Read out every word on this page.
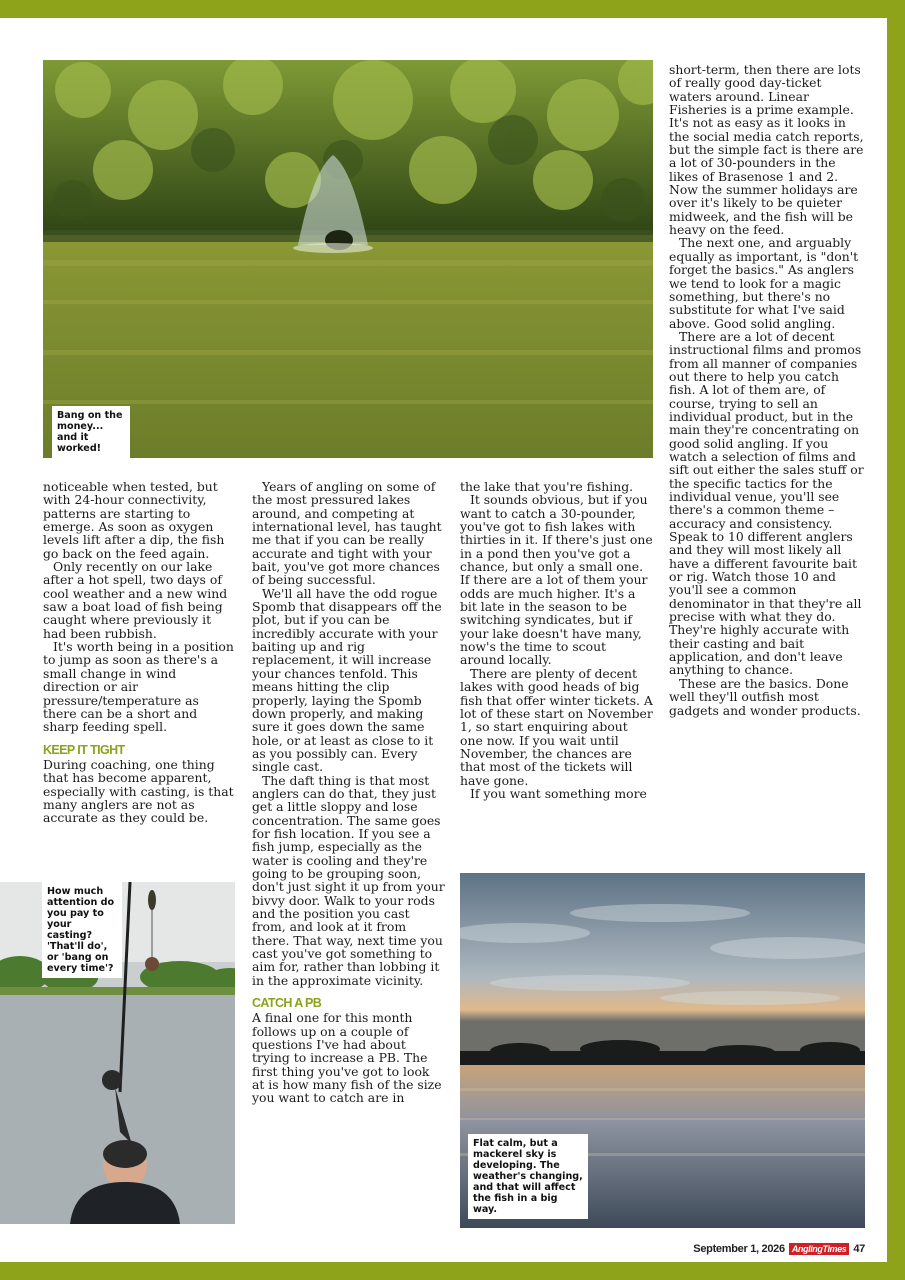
Bang on the money... and it worked!

noticeable when tested, but with 24-hour connectivity, patterns are starting to emerge. As soon as oxygen levels lift after a dip, the fish go back on the feed again.

Only recently on our lake after a hot spell, two days of cool weather and a new wind saw a boat load of fish being caught where previously it had been rubbish.

It's worth being in a position to jump as soon as there's a small change in wind direction or air pressure/temperature as there can be a short and sharp feeding spell.

KEEP IT TIGHT

During coaching, one thing that has become apparent, especially with casting, is that many anglers are not as accurate as they could be.

How much attention do you pay to your casting? 'That'll do', or 'bang on every time'?

Years of angling on some of the most pressured lakes around, and competing at international level, has taught me that if you can be really accurate and tight with your bait, you've got more chances of being successful.

We'll all have the odd rogue Spomb that disappears off the plot, but if you can be incredibly accurate with your baiting up and rig replacement, it will increase your chances tenfold. This means hitting the clip properly, laying the Spomb down properly, and making sure it goes down the same hole, or at least as close to it as you possibly can. Every single cast.

The daft thing is that most anglers can do that, they just get a little sloppy and lose concentration. The same goes for fish location. If you see a fish jump, especially as the water is cooling and they're going to be grouping soon, don't just sight it up from your bivvy door. Walk to your rods and the position you cast from, and look at it from there. That way, next time you cast you've got something to aim for, rather than lobbing it in the approximate vicinity.

CATCH A PB

A final one for this month follows up on a couple of questions I've had about trying to increase a PB. The first thing you've got to look at is how many fish of the size you want to catch are in

the lake that you're fishing.

It sounds obvious, but if you want to catch a 30-pounder, you've got to fish lakes with thirties in it. If there's just one in a pond then you've got a chance, but only a small one. If there are a lot of them your odds are much higher. It's a bit late in the season to be switching syndicates, but if your lake doesn't have many, now's the time to scout around locally.

There are plenty of decent lakes with good heads of big fish that offer winter tickets. A lot of these start on November 1, so start enquiring about one now. If you wait until November, the chances are that most of the tickets will have gone.

If you want something more

short-term, then there are lots of really good day-ticket waters around. Linear Fisheries is a prime example. It's not as easy as it looks in the social media catch reports, but the simple fact is there are a lot of 30-pounders in the likes of Brasenose 1 and 2. Now the summer holidays are over it's likely to be quieter midweek, and the fish will be heavy on the feed.

The next one, and arguably equally as important, is "don't forget the basics." As anglers we tend to look for a magic something, but there's no substitute for what I've said above. Good solid angling.

There are a lot of decent instructional films and promos from all manner of companies out there to help you catch fish. A lot of them are, of course, trying to sell an individual product, but in the main they're concentrating on good solid angling. If you watch a selection of films and sift out either the sales stuff or the specific tactics for the individual venue, you'll see there's a common theme – accuracy and consistency. Speak to 10 different anglers and they will most likely all have a different favourite bait or rig. Watch those 10 and you'll see a common denominator in that they're all precise with what they do. They're highly accurate with their casting and bait application, and don't leave anything to chance.

These are the basics. Done well they'll outfish most gadgets and wonder products.

Flat calm, but a mackerel sky is developing. The weather's changing, and that will affect the fish in a big way.
September 1, 2026 AnglingTimes 47
